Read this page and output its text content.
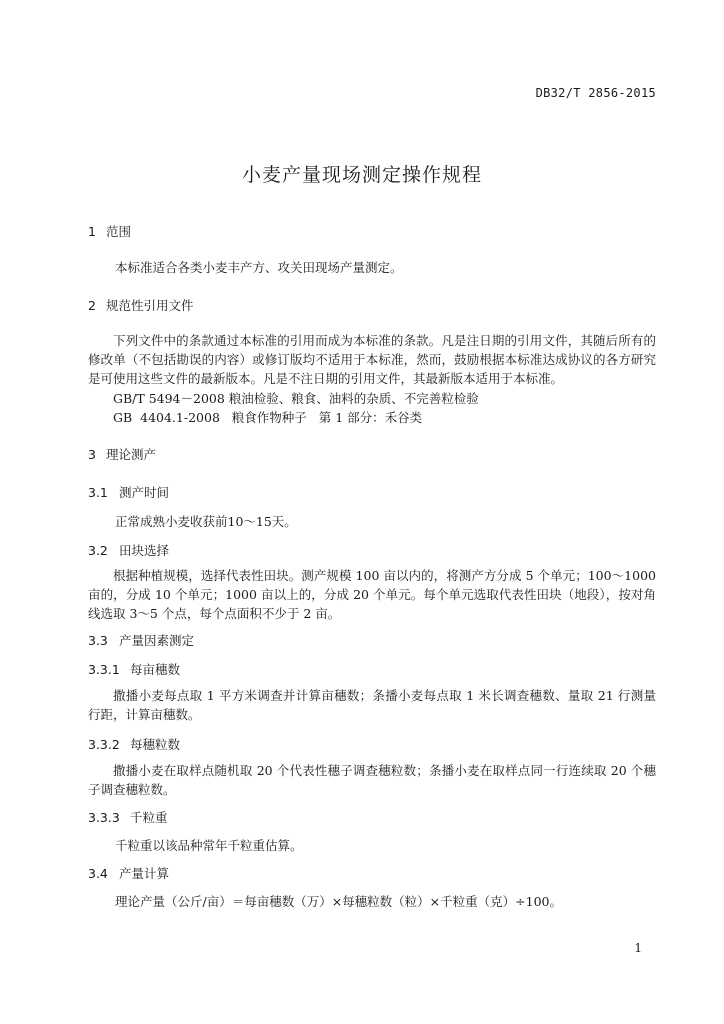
DB32/T 2856-2015
小麦产量现场测定操作规程
1 范围
本标准适合各类小麦丰产方、攻关田现场产量测定。
2 规范性引用文件
下列文件中的条款通过本标准的引用而成为本标准的条款。凡是注日期的引用文件，其随后所有的修改单（不包括勘误的内容）或修订版均不适用于本标准，然而，鼓励根据本标准达成协议的各方研究是可使用这些文件的最新版本。凡是不注日期的引用文件，其最新版本适用于本标准。
GB/T 5494－2008 粮油检验、粮食、油料的杂质、不完善粒检验
GB  4404.1-2008   粮食作物种子   第 1 部分：禾谷类
3 理论测产
3.1 测产时间
正常成熟小麦收获前10～15天。
3.2 田块选择
根据种植规模，选择代表性田块。测产规模 100 亩以内的，将测产方分成 5 个单元；100～1000 亩的，分成 10 个单元；1000 亩以上的，分成 20 个单元。每个单元选取代表性田块（地段），按对角线选取 3～5 个点，每个点面积不少于 2 亩。
3.3 产量因素测定
3.3.1 每亩穗数
撒播小麦每点取 1 平方米调查并计算亩穗数；条播小麦每点取 1 米长调查穗数、量取 21 行测量行距，计算亩穗数。
3.3.2 每穗粒数
撒播小麦在取样点随机取 20 个代表性穗子调查穗粒数；条播小麦在取样点同一行连续取 20 个穗子调查穗粒数。
3.3.3 千粒重
千粒重以该品种常年千粒重估算。
3.4 产量计算
理论产量（公斤/亩）＝每亩穗数（万）×每穗粒数（粒）×千粒重（克）÷100。
1
